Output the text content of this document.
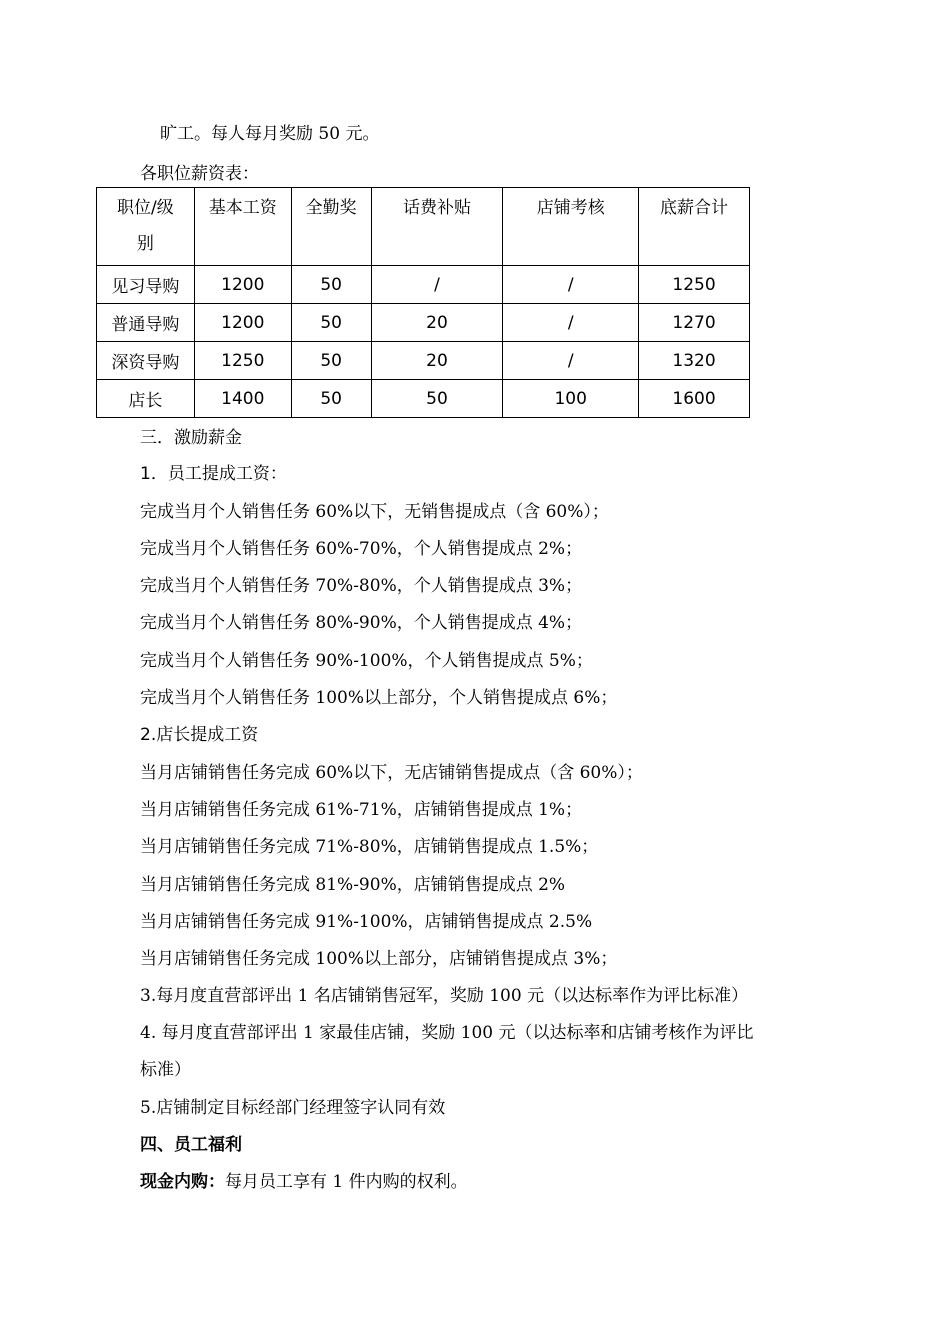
旷工。每人每月奖励 50 元。
各职位薪资表：
职位/级
别	基本工资	全勤奖	话费补贴	店铺考核	底薪合计
见习导购	1200	50	/	/	1250
普通导购	1200	50	20	/	1270
深资导购	1250	50	20	/	1320
店长	1400	50	50	100	1600
三．激励薪金
1．员工提成工资：
完成当月个人销售任务 60%以下，无销售提成点（含 60%）；
完成当月个人销售任务 60%-70%，个人销售提成点 2%；
完成当月个人销售任务 70%-80%，个人销售提成点 3%；
完成当月个人销售任务 80%-90%，个人销售提成点 4%；
完成当月个人销售任务 90%-100%，个人销售提成点 5%；
完成当月个人销售任务 100%以上部分，个人销售提成点 6%；
2.店长提成工资
当月店铺销售任务完成 60%以下，无店铺销售提成点（含 60%）；
当月店铺销售任务完成 61%-71%，店铺销售提成点 1%；
当月店铺销售任务完成 71%-80%，店铺销售提成点 1.5%；
当月店铺销售任务完成 81%-90%，店铺销售提成点 2%
当月店铺销售任务完成 91%-100%，店铺销售提成点 2.5%
当月店铺销售任务完成 100%以上部分，店铺销售提成点 3%；
3.每月度直营部评出 1 名店铺销售冠军，奖励 100 元（以达标率作为评比标准）
4. 每月度直营部评出 1 家最佳店铺，奖励 100 元（以达标率和店铺考核作为评比
标准）
5.店铺制定目标经部门经理签字认同有效
四、员工福利
现金内购：每月员工享有 1 件内购的权利。
